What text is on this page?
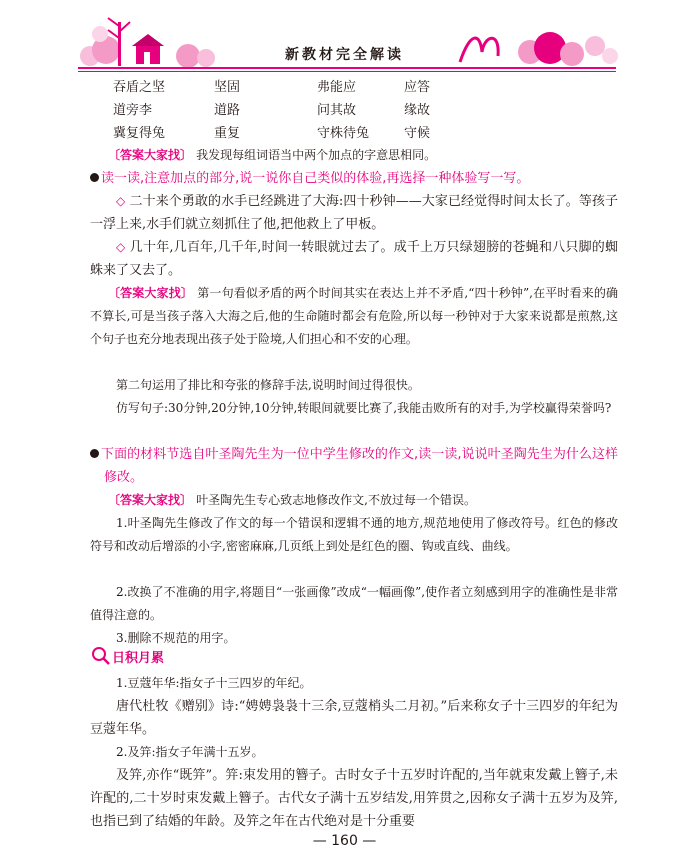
新教材完全解读
吞盾之坚	坚固	弗能应	应答
道旁李	道路	问其故	缘故
冀复得兔	重复	守株待兔	守候
〔答案大家找〕 我发现每组词语当中两个加点的字意思相同。
读一读,注意加点的部分,说一说你自己类似的体验,再选择一种体验写一写。
◇ 二十来个勇敢的水手已经跳进了大海:四十秒钟——大家已经觉得时间太长了。等孩子一浮上来,水手们就立刻抓住了他,把他救上了甲板。
◇ 几十年,几百年,几千年,时间一转眼就过去了。成千上万只绿翅膀的苍蝇和八只脚的蜘蛛来了又去了。
〔答案大家找〕 第一句看似矛盾的两个时间其实在表达上并不矛盾,“四十秒钟”,在平时看来的确不算长,可是当孩子落入大海之后,他的生命随时都会有危险,所以每一秒钟对于大家来说都是煎熬,这个句子也充分地表现出孩子处于险境,人们担心和不安的心理。
第二句运用了排比和夸张的修辞手法,说明时间过得很快。
仿写句子:30分钟,20分钟,10分钟,转眼间就要比赛了,我能击败所有的对手,为学校赢得荣誉吗?
下面的材料节选自叶圣陶先生为一位中学生修改的作文,读一读,说说叶圣陶先生为什么这样修改。
〔答案大家找〕 叶圣陶先生专心致志地修改作文,不放过每一个错误。
1.叶圣陶先生修改了作文的每一个错误和逻辑不通的地方,规范地使用了修改符号。红色的修改符号和改动后增添的小字,密密麻麻,几页纸上到处是红色的圈、钩或直线、曲线。
2.改换了不准确的用字,将题目“一张画像”改成“一幅画像”,使作者立刻感到用字的准确性是非常值得注意的。
3.删除不规范的用字。
日积月累
1.豆蔻年华:指女子十三四岁的年纪。
唐代杜牧《赠别》诗:“娉娉袅袅十三余,豆蔻梢头二月初。”后来称女子十三四岁的年纪为豆蔻年华。
2.及笄:指女子年满十五岁。
及笄,亦作“既笄”。笄:束发用的簪子。古时女子十五岁时许配的,当年就束发戴上簪子,未许配的,二十岁时束发戴上簪子。古代女子满十五岁结发,用笄贯之,因称女子满十五岁为及笄,也指已到了结婚的年龄。及笄之年在古代绝对是十分重要
— 160 —
